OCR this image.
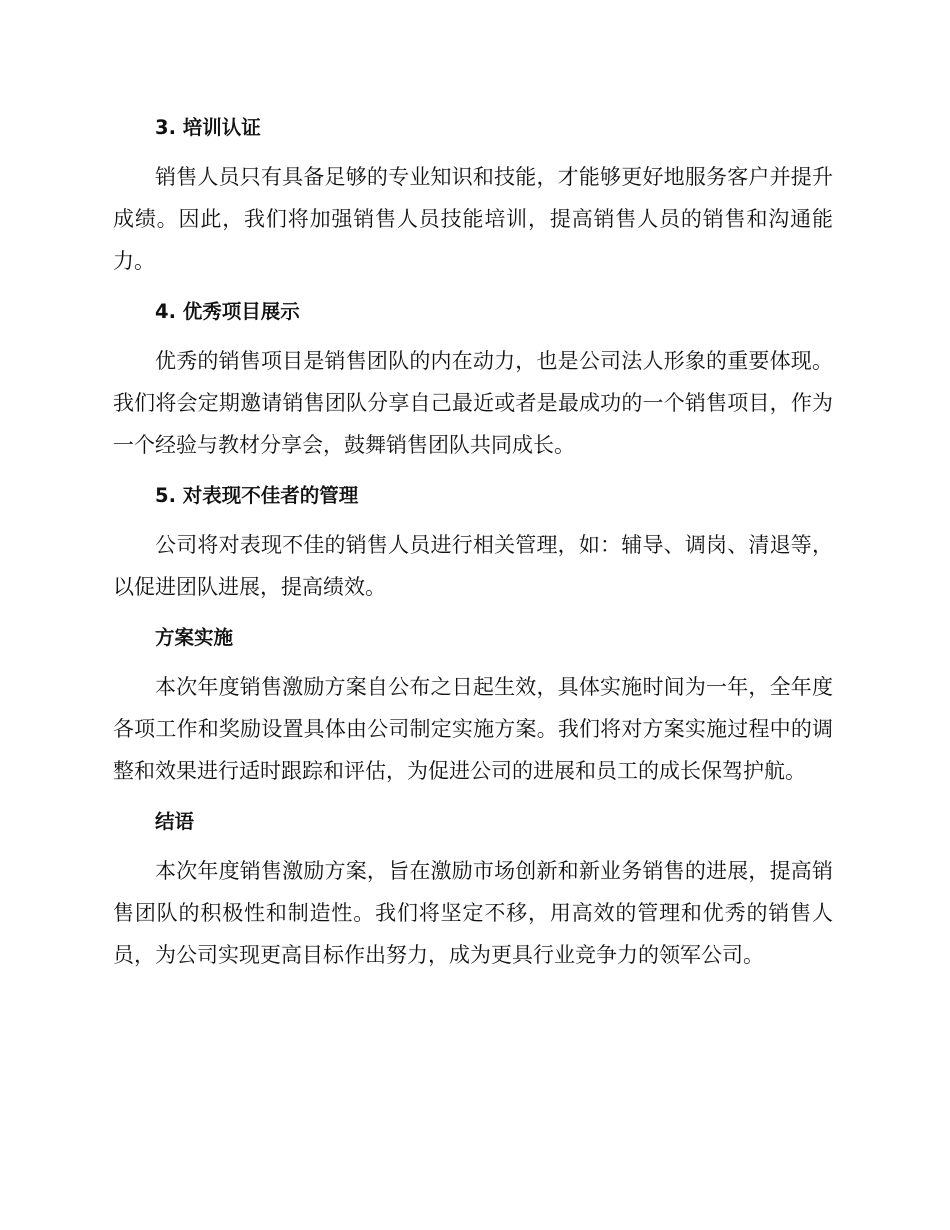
3. 培训认证

销售人员只有具备足够的专业知识和技能，才能够更好地服务客户并提升成绩。因此，我们将加强销售人员技能培训，提高销售人员的销售和沟通能力。

4. 优秀项目展示

优秀的销售项目是销售团队的内在动力，也是公司法人形象的重要体现。我们将会定期邀请销售团队分享自己最近或者是最成功的一个销售项目，作为一个经验与教材分享会，鼓舞销售团队共同成长。

5. 对表现不佳者的管理

公司将对表现不佳的销售人员进行相关管理，如：辅导、调岗、清退等，以促进团队进展，提高绩效。

方案实施

本次年度销售激励方案自公布之日起生效，具体实施时间为一年，全年度各项工作和奖励设置具体由公司制定实施方案。我们将对方案实施过程中的调整和效果进行适时跟踪和评估，为促进公司的进展和员工的成长保驾护航。

结语

本次年度销售激励方案，旨在激励市场创新和新业务销售的进展，提高销售团队的积极性和制造性。我们将坚定不移，用高效的管理和优秀的销售人员，为公司实现更高目标作出努力，成为更具行业竞争力的领军公司。
